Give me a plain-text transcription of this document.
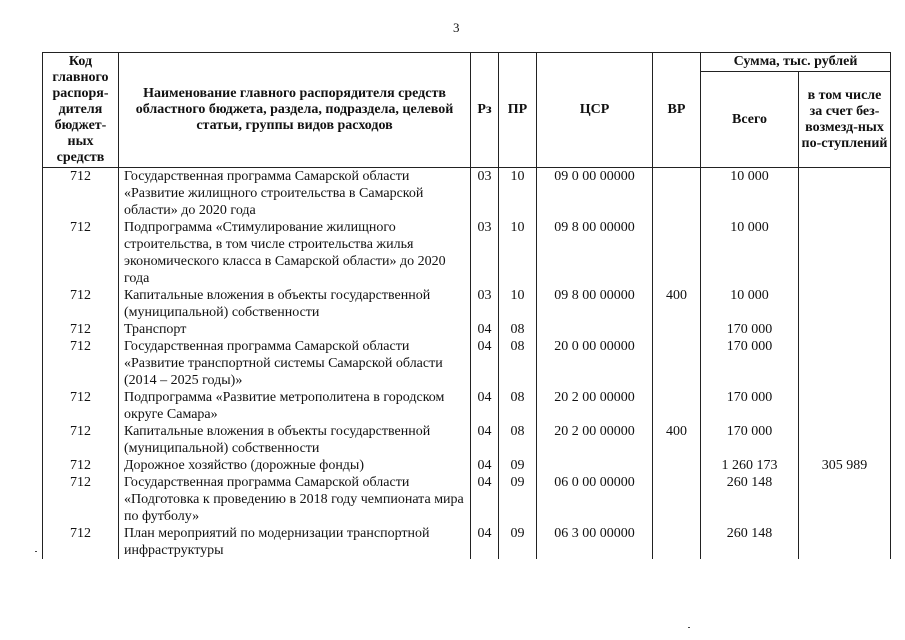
3
Код главного распоря-дителя бюджет-ных средств	Наименование главного распорядителя средств областного бюджета, раздела, подраздела, целевой статьи, группы видов расходов	Рз	ПР	ЦСР	ВР	Сумма, тыс. рублей	
						Всего	в том числе за счет без-возмезд-ных по-ступлений
712	Государственная программа Самарской области «Развитие жилищного строительства в Самарской области» до 2020 года	03	10	09 0 00 00000		10 000	
712	Подпрограмма «Стимулирование жилищного строительства, в том числе строительства жилья экономического класса в Самарской области» до 2020 года	03	10	09 8 00 00000		10 000	
712	Капитальные вложения в объекты государственной (муниципальной) собственности	03	10	09 8 00 00000	400	10 000	
712	Транспорт	04	08			170 000	
712	Государственная программа Самарской области «Развитие транспортной системы Самарской области (2014 – 2025 годы)»	04	08	20 0 00 00000		170 000	
712	Подпрограмма «Развитие метрополитена в городском округе Самара»	04	08	20 2 00 00000		170 000	
712	Капитальные вложения в объекты государственной (муниципальной) собственности	04	08	20 2 00 00000	400	170 000	
712	Дорожное хозяйство (дорожные фонды)	04	09			1 260 173	305 989
712	Государственная программа Самарской области «Подготовка к проведению в 2018 году чемпионата мира по футболу»	04	09	06 0 00 00000		260 148	
712	План мероприятий по модернизации транспортной инфраструктуры	04	09	06 3 00 00000		260 148	
